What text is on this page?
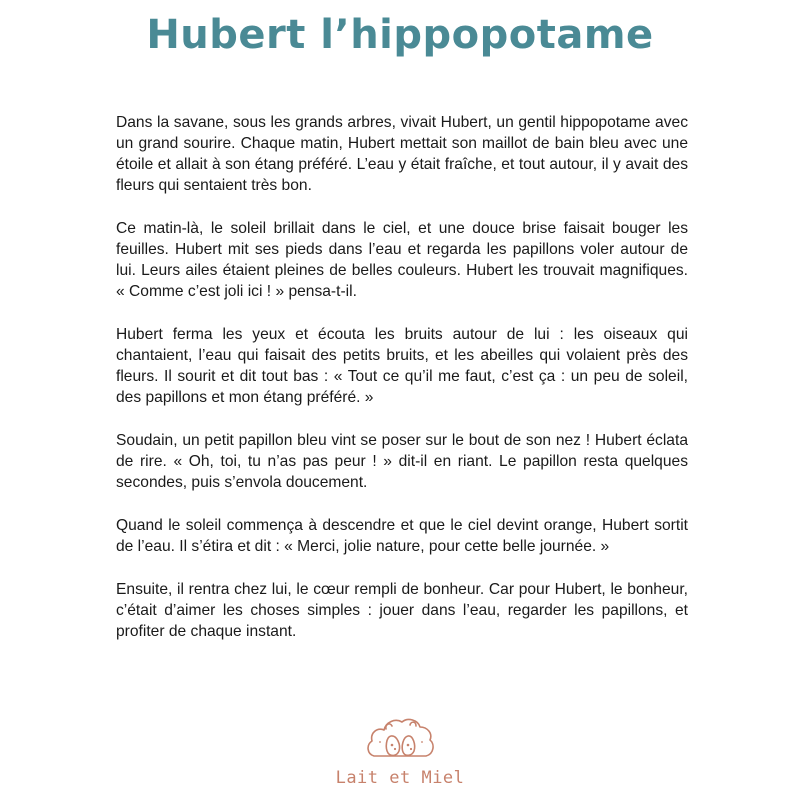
Hubert l’hippopotame

Dans la savane, sous les grands arbres, vivait Hubert, un gentil hippopotame avec un grand sourire. Chaque matin, Hubert mettait son maillot de bain bleu avec une étoile et allait à son étang préféré. L’eau y était fraîche, et tout autour, il y avait des fleurs qui sentaient très bon.

Ce matin-là, le soleil brillait dans le ciel, et une douce brise faisait bouger les feuilles. Hubert mit ses pieds dans l’eau et regarda les papillons voler autour de lui. Leurs ailes étaient pleines de belles couleurs. Hubert les trouvait magnifiques. « Comme c’est joli ici ! » pensa-t-il.

Hubert ferma les yeux et écouta les bruits autour de lui : les oiseaux qui chantaient, l’eau qui faisait des petits bruits, et les abeilles qui volaient près des fleurs. Il sourit et dit tout bas : « Tout ce qu’il me faut, c’est ça : un peu de soleil, des papillons et mon étang préféré. »

Soudain, un petit papillon bleu vint se poser sur le bout de son nez ! Hubert éclata de rire. « Oh, toi, tu n’as pas peur ! » dit-il en riant. Le papillon resta quelques secondes, puis s’envola doucement.

Quand le soleil commença à descendre et que le ciel devint orange, Hubert sortit de l’eau. Il s’étira et dit : « Merci, jolie nature, pour cette belle journée. »

Ensuite, il rentra chez lui, le cœur rempli de bonheur. Car pour Hubert, le bonheur, c’était d’aimer les choses simples : jouer dans l’eau, regarder les papillons, et profiter de chaque instant.

Lait et Miel
